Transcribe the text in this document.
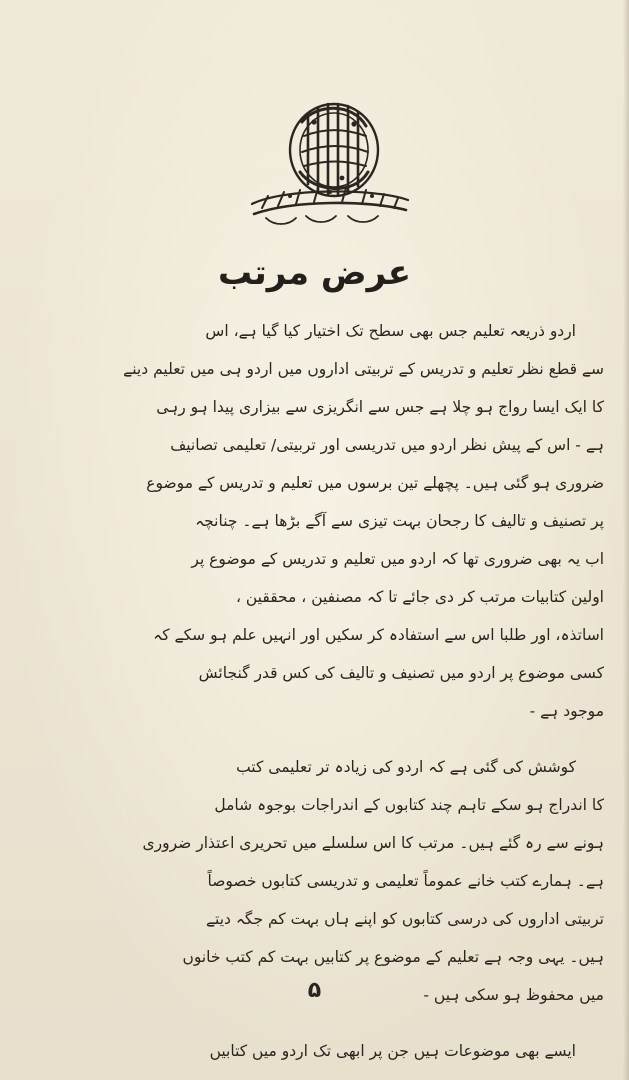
عرض مرتب
اردو ذریعہ تعلیم جس بھی سطح تک اختیار کیا گیا ہے، اس
سے قطع نظر تعلیم و تدریس کے تربیتی اداروں میں اردو ہی میں تعلیم دینے
کا ایک ایسا رواج ہو چلا ہے جس سے انگریزی سے بیزاری پیدا ہو رہی
ہے - اس کے پیش نظر اردو میں تدریسی اور تربیتی/ تعلیمی تصانیف
ضروری ہو گئی ہیں۔ پچھلے تین برسوں میں تعلیم و تدریس کے موضوع
پر تصنیف و تالیف کا رجحان بہت تیزی سے آگے بڑھا ہے۔ چنانچہ
اب یہ بھی ضروری تھا کہ اردو میں تعلیم و تدریس کے موضوع پر
اولین کتابیات مرتب کر دی جائے تا کہ مصنفین ، محققین ،
اساتذہ، اور طلبا اس سے استفادہ کر سکیں اور انہیں علم ہو سکے کہ
کسی موضوع پر اردو میں تصنیف و تالیف کی کس قدر گنجائش
موجود ہے -
کوشش کی گئی ہے کہ اردو کی زیادہ تر تعلیمی کتب
کا اندراج ہو سکے تاہم چند کتابوں کے اندراجات بوجوہ شامل
ہونے سے رہ گئے ہیں۔ مرتب کا اس سلسلے میں تحریری اعتذار ضروری
ہے۔ ہمارے کتب خانے عموماً تعلیمی و تدریسی کتابوں خصوصاً
تربیتی اداروں کی درسی کتابوں کو اپنے ہاں بہت کم جگہ دیتے
ہیں۔ یہی وجہ ہے تعلیم کے موضوع پر کتابیں بہت کم کتب خانوں
میں محفوظ ہو سکی ہیں -
ایسے بھی موضوعات ہیں جن پر ابھی تک اردو میں کتابیں
۵
